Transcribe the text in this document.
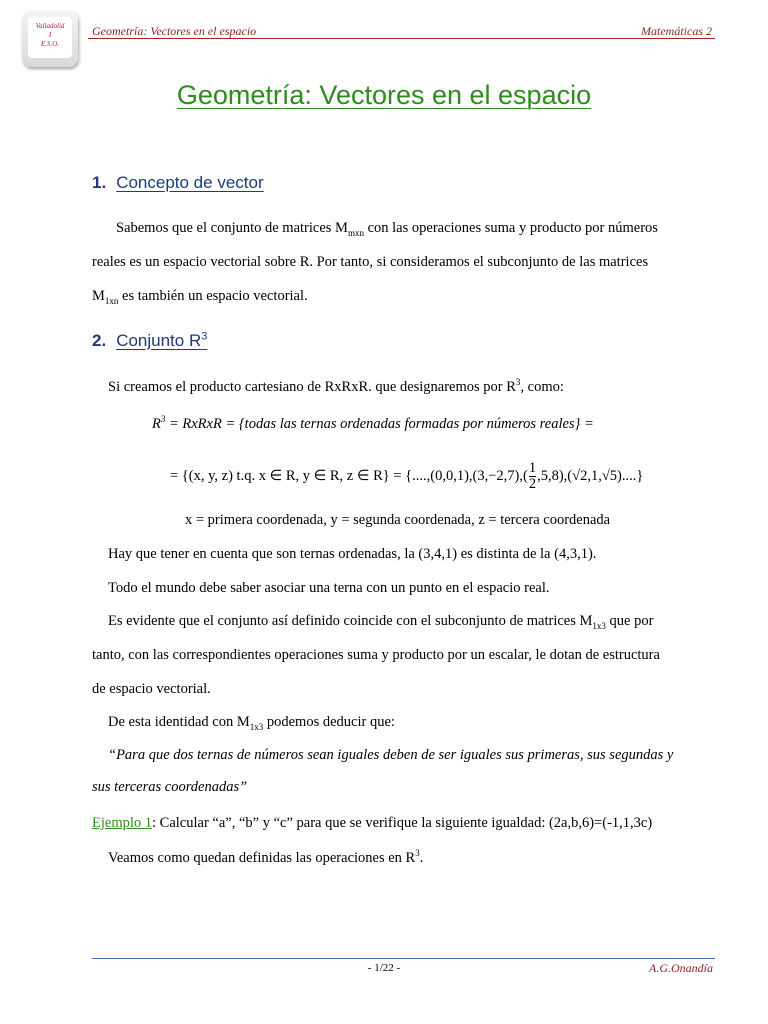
Valladolid
I
E.S.O.
Geometría: Vectores en el espacio	Matemáticas 2
Geometría: Vectores en el espacio
1. Concepto de vector
Sabemos que el conjunto de matrices $M_{mxn}$ con las operaciones suma y producto por números
reales es un espacio vectorial sobre R. Por tanto, si consideramos el subconjunto de las matrices
$M_{1xn}$ es también un espacio vectorial.
2. Conjunto $R^3$
Si creamos el producto cartesiano de RxRxR. que designaremos por $R^3$, como:
$R^3$ = RxRxR = {todas las ternas ordenadas formadas por números reales} =
= {(x, y, z) t.q. x ∈ R, y ∈ R, z ∈ $R\} = \{....,(0,0,1),(3,-2,7),( \frac{1}{2} ,5,8),(√2,1,√5)....\}$
x = primera coordenada, y = segunda coordenada, z = tercera coordenada
Hay que tener en cuenta que son ternas ordenadas, la (3,4,1) es distinta de la (4,3,1).
Todo el mundo debe saber asociar una terna con un punto en el espacio real.
Es evidente que el conjunto así definido coincide con el subconjunto de matrices $M_{1x3}$ que por
tanto, con las correspondientes operaciones suma y producto por un escalar, le dotan de estructura
de espacio vectorial.
De esta identidad con $M_{1x3}$ podemos deducir que:
“Para que dos ternas de números sean iguales deben de ser iguales sus primeras, sus segundas y
sus terceras coordenadas”
Ejemplo 1: Calcular “a”, “b” y “c” para que se verifique la siguiente igualdad: (2a,b,6)=(-1,1,3c)
Veamos como quedan definidas las operaciones en $R^3$.
- 1/22 -	A.G.Onandía
